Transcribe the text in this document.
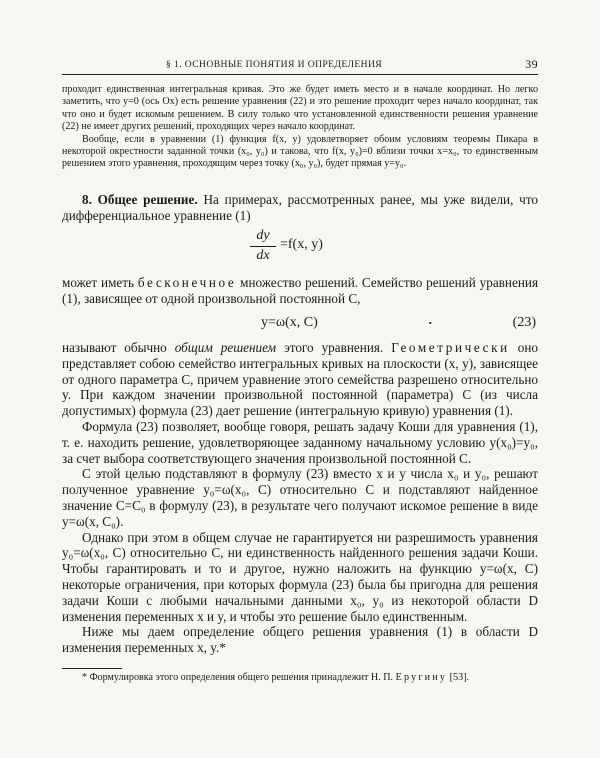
§ 1. ОСНОВНЫЕ ПОНЯТИЯ И ОПРЕДЕЛЕНИЯ	39

проходит единственная интегральная кривая. Это же будет иметь место и в начале координат. Но легко заметить, что y=0 (ось Ox) есть решение уравнения (22) и это решение проходит через начало координат, так что оно и будет искомым решением. В силу только что установленной единственности решения уравнение (22) не имеет других решений, проходящих через начало координат.

Вообще, если в уравнении (1) функция f(x, y) удовлетворяет обоим условиям теоремы Пикара в некоторой окрестности заданной точки (x₀, y₀) и такова, что f(x, y₀)=0 вблизи точки x=x₀, то единственным решением этого уравнения, проходящим через точку (x₀, y₀), будет прямая y=y₀.

8. Общее решение. На примерах, рассмотренных ранее, мы уже видели, что дифференциальное уравнение (1)

dy
dx
=f(x, y)

может иметь бесконечное множество решений. Семейство решений уравнения (1), зависящее от одной произвольной постоянной C,

y=ω(x, C)	.	(23)

называют обычно общим решением этого уравнения. Геометрически оно представляет собою семейство интегральных кривых на плоскости (x, y), зависящее от одного параметра C, причем уравнение этого семейства разрешено относительно y. При каждом значении произвольной постоянной (параметра) C (из числа допустимых) формула (23) дает решение (интегральную кривую) уравнения (1).

Формула (23) позволяет, вообще говоря, решать задачу Коши для уравнения (1), т. е. находить решение, удовлетворяющее заданному начальному условию y(x₀)=y₀, за счет выбора соответствующего значения произвольной постоянной C.

С этой целью подставляют в формулу (23) вместо x и y числа x₀ и y₀, решают полученное уравнение y₀=ω(x₀, C) относительно C и подставляют найденное значение C=C₀ в формулу (23), в результате чего получают искомое решение в виде y=ω(x, C₀).

Однако при этом в общем случае не гарантируется ни разрешимость уравнения y₀=ω(x₀, C) относительно C, ни единственность найденного решения задачи Коши. Чтобы гарантировать и то и другое, нужно наложить на функцию y=ω(x, C) некоторые ограничения, при которых формула (23) была бы пригодна для решения задачи Коши с любыми начальными данными x₀, y₀ из некоторой области D изменения переменных x и y, и чтобы это решение было единственным.

Ниже мы даем определение общего решения уравнения (1) в области D изменения переменных x, y.*

* Формулировка этого определения общего решения принадлежит Н. П. Еругину [53].
